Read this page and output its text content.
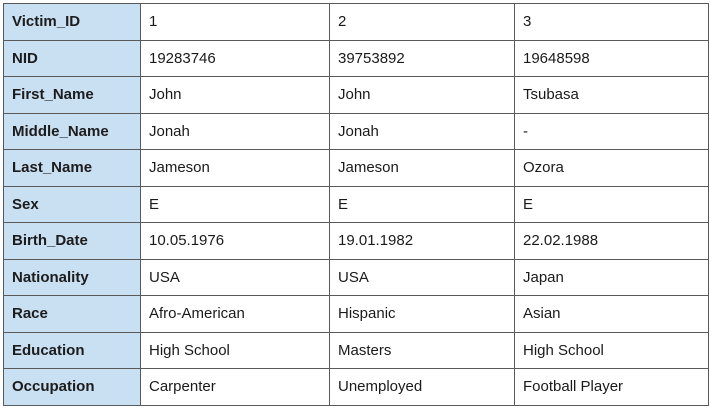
Victim_ID	1	2	3
NID	19283746	39753892	19648598
First_Name	John	John	Tsubasa
Middle_Name	Jonah	Jonah	-
Last_Name	Jameson	Jameson	Ozora
Sex	E	E	E
Birth_Date	10.05.1976	19.01.1982	22.02.1988
Nationality	USA	USA	Japan
Race	Afro-American	Hispanic	Asian
Education	High School	Masters	High School
Occupation	Carpenter	Unemployed	Football Player
